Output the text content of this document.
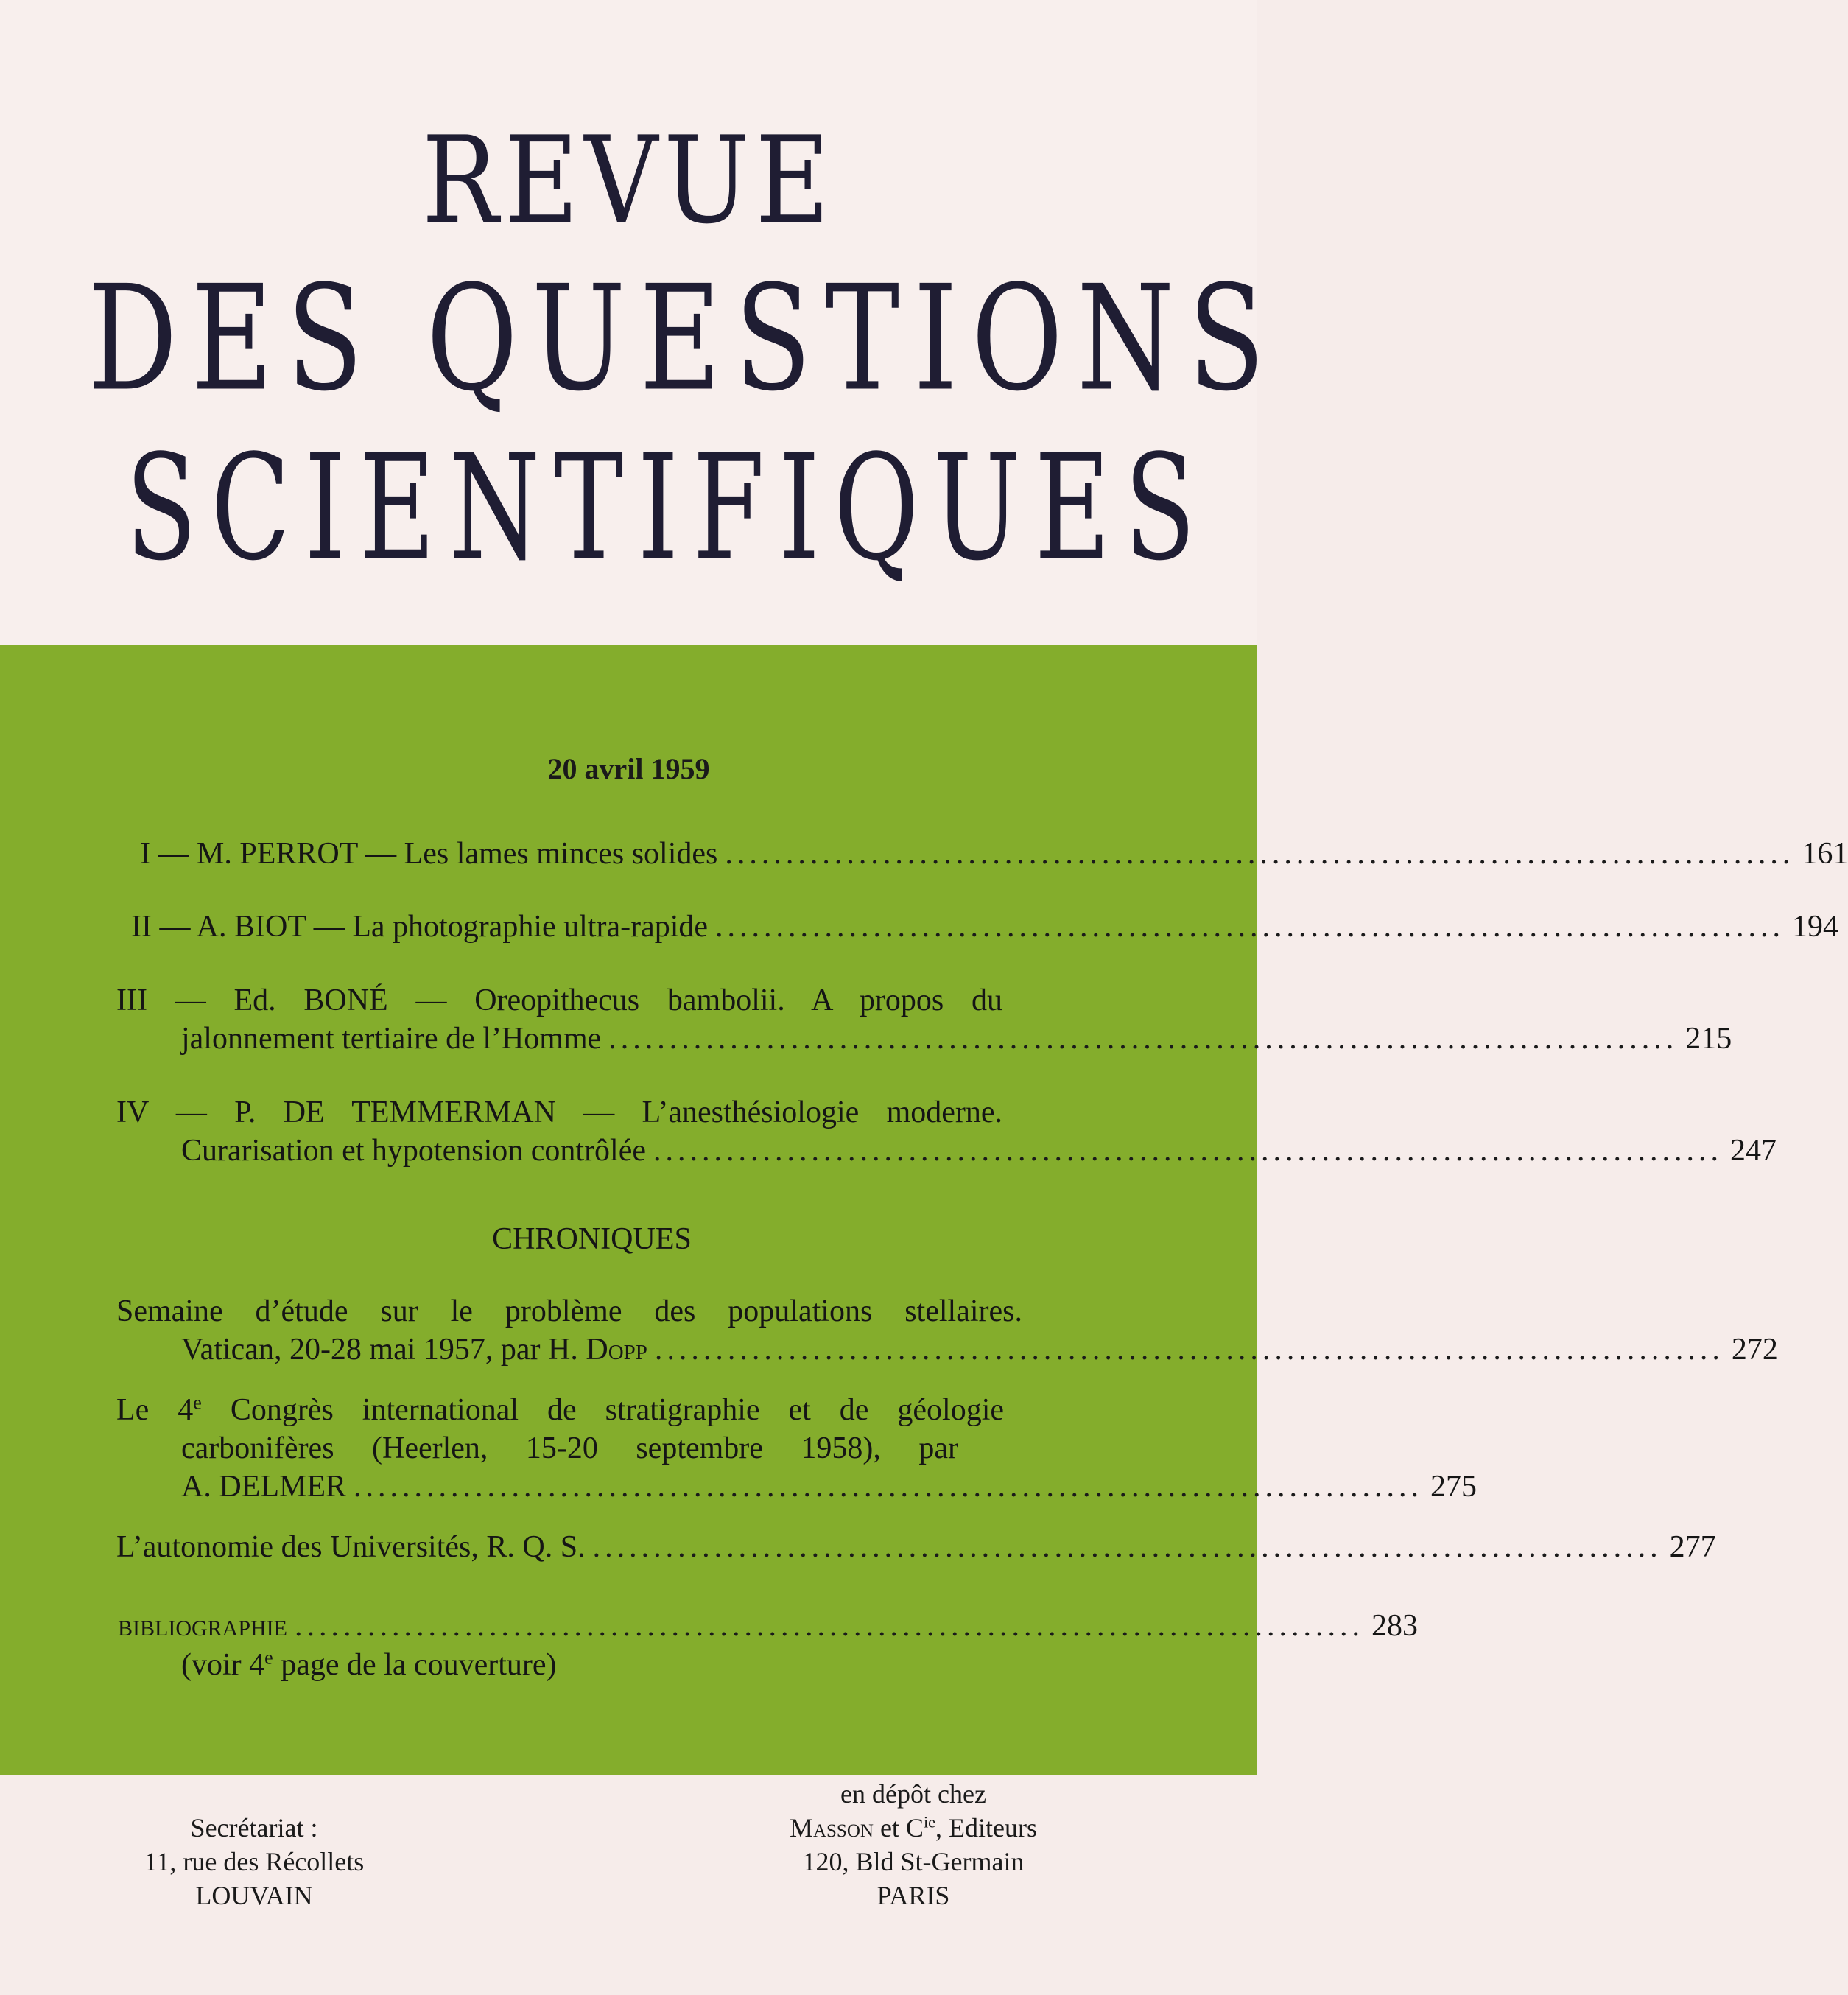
REVUE
DES QUESTIONS
SCIENTIFIQUES
20 avril 1959
I — M. PERROT — Les lames minces solides ........................................................................................ 161
II — A. BIOT — La photographie ultra-rapide ........................................................................................ 194
III — Ed. BONÉ — Oreopithecus bambolii. A propos du
jalonnement tertiaire de l’Homme ........................................................................................ 215
IV — P. DE TEMMERMAN — L’anesthésiologie moderne.
Curarisation et hypotension contrôlée ........................................................................................ 247
CHRONIQUES
Semaine d’étude sur le problème des populations stellaires.
Vatican, 20-28 mai 1957, par H. Dopp ........................................................................................ 272
Le 4e Congrès international de stratigraphie et de géologie
carbonifères (Heerlen, 15-20 septembre 1958), par
A. DELMER ........................................................................................ 275
L’autonomie des Universités, R. Q. S. ........................................................................................ 277
BIBLIOGRAPHIE ........................................................................................ 283
(voir 4e page de la couverture)
Secrétariat :
11, rue des Récollets
LOUVAIN
en dépôt chez
Masson et $C^{ie}$, Editeurs
120, Bld St-Germain
PARIS
